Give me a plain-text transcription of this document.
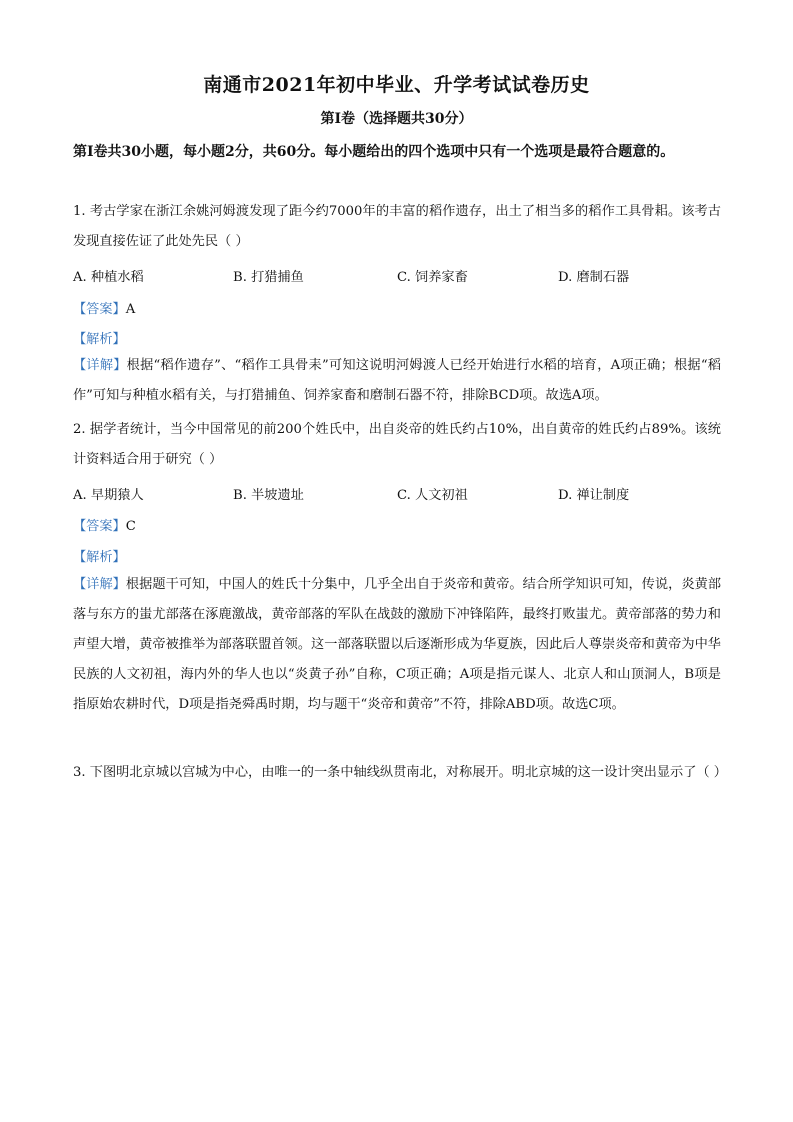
南通市2021年初中毕业、升学考试试卷历史
第Ⅰ卷（选择题共30分）
第Ⅰ卷共30小题，每小题2分，共60分。每小题给出的四个选项中只有一个选项是最符合题意的。
1. 考古学家在浙江余姚河姆渡发现了距今约7000年的丰富的稻作遗存，出土了相当多的稻作工具骨耜。该考古发现直接佐证了此处先民（ ）
A. 种植水稻	B. 打猎捕鱼	C. 饲养家畜	D. 磨制石器
【答案】A
【解析】
【详解】根据“稻作遗存”、“稻作工具骨耒”可知这说明河姆渡人已经开始进行水稻的培育，A项正确；根据“稻作”可知与种植水稻有关，与打猎捕鱼、饲养家畜和磨制石器不符，排除BCD项。故选A项。
2. 据学者统计，当今中国常见的前200个姓氏中，出自炎帝的姓氏约占10%，出自黄帝的姓氏约占89%。该统计资料适合用于研究（ ）
A. 早期猿人	B. 半坡遗址	C. 人文初祖	D. 禅让制度
【答案】C
【解析】
【详解】根据题干可知，中国人的姓氏十分集中，几乎全出自于炎帝和黄帝。结合所学知识可知，传说，炎黄部落与东方的蚩尤部落在涿鹿激战，黄帝部落的军队在战鼓的激励下冲锋陷阵，最终打败蚩尤。黄帝部落的势力和声望大增，黄帝被推举为部落联盟首领。这一部落联盟以后逐渐形成为华夏族，因此后人尊崇炎帝和黄帝为中华民族的人文初祖，海内外的华人也以“炎黄子孙”自称，C项正确；A项是指元谋人、北京人和山顶洞人，B项是指原始农耕时代，D项是指尧舜禹时期，均与题干“炎帝和黄帝”不符，排除ABD项。故选C项。
3. 下图明北京城以宫城为中心，由唯一的一条中轴线纵贯南北，对称展开。明北京城的这一设计突出显示了（ ）
